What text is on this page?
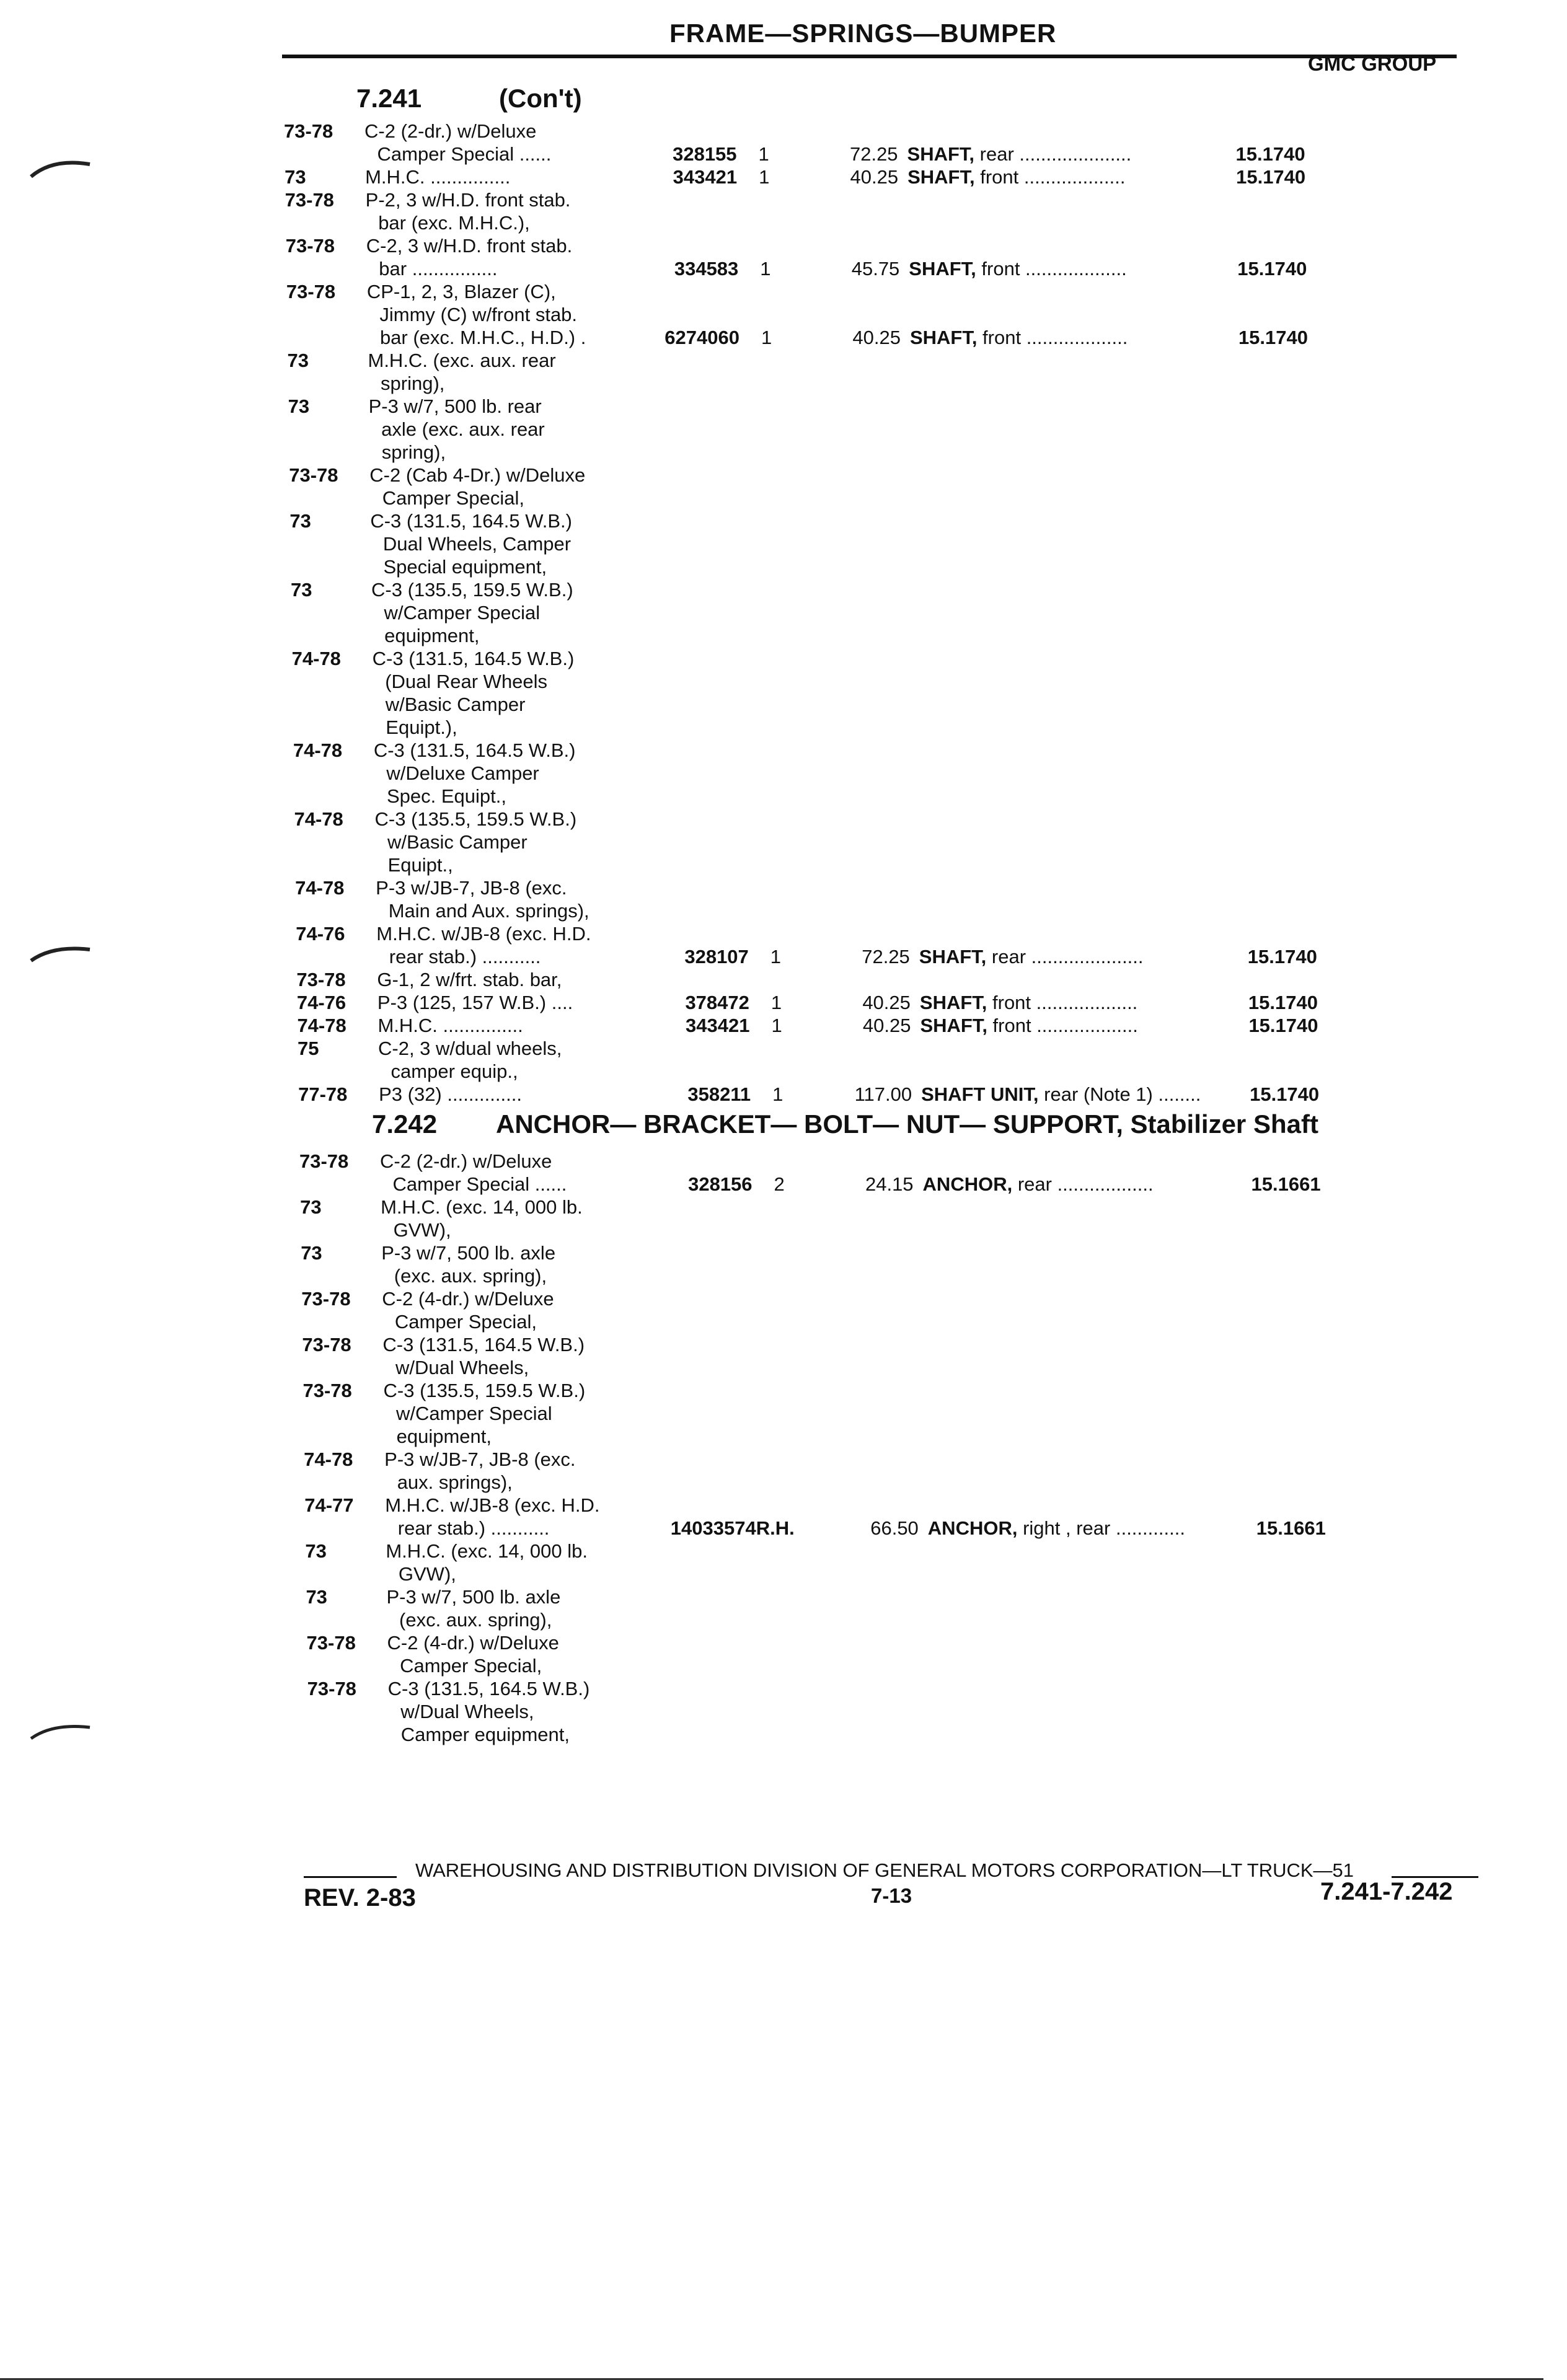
FRAME—SPRINGS—BUMPER
GMC GROUP
7.241	(Con't)
73-78 C-2 (2-dr.) w/Deluxe
Camper Special ......	328155 1	72.25 SHAFT, rear .....................	15.1740
73	M.H.C. ...............	343421 1	40.25 SHAFT, front ...................	15.1740
73-78 P-2, 3 w/H.D. front stab.
bar (exc. M.H.C.),
73-78 C-2, 3 w/H.D. front stab.
bar ................	334583 1	45.75 SHAFT, front ...................	15.1740
73-78 CP-1, 2, 3, Blazer (C),
Jimmy (C) w/front stab.
bar (exc. M.H.C., H.D.) .	6274060 1	40.25 SHAFT, front ...................	15.1740
73	M.H.C. (exc. aux. rear
spring),
73	P-3 w/7, 500 lb. rear
axle (exc. aux. rear
spring),
73-78 C-2 (Cab 4-Dr.) w/Deluxe
Camper Special,
73	C-3 (131.5, 164.5 W.B.)
Dual Wheels, Camper
Special equipment,
73	C-3 (135.5, 159.5 W.B.)
w/Camper Special
equipment,
74-78 C-3 (131.5, 164.5 W.B.)
(Dual Rear Wheels
w/Basic Camper
Equipt.),
74-78 C-3 (131.5, 164.5 W.B.)
w/Deluxe Camper
Spec. Equipt.,
74-78 C-3 (135.5, 159.5 W.B.)
w/Basic Camper
Equipt.,
74-78 P-3 w/JB-7, JB-8 (exc.
Main and Aux. springs),
74-76 M.H.C. w/JB-8 (exc. H.D.
rear stab.) ...........	328107 1	72.25 SHAFT, rear .....................	15.1740
73-78 G-1, 2 w/frt. stab. bar,
74-76 P-3 (125, 157 W.B.) ....	378472 1	40.25 SHAFT, front ...................	15.1740
74-78 M.H.C. ...............	343421 1	40.25 SHAFT, front ...................	15.1740
75	C-2, 3 w/dual wheels,
camper equip.,
77-78 P3 (32) ..............	358211 1	117.00 SHAFT UNIT, rear (Note 1) ........	15.1740
7.242 ANCHOR— BRACKET— BOLT— NUT— SUPPORT, Stabilizer Shaft
73-78 C-2 (2-dr.) w/Deluxe
Camper Special ......	328156 2	24.15 ANCHOR, rear ..................	15.1661
73	M.H.C. (exc. 14, 000 lb.
GVW),
73	P-3 w/7, 500 lb. axle
(exc. aux. spring),
73-78 C-2 (4-dr.) w/Deluxe
Camper Special,
73-78 C-3 (131.5, 164.5 W.B.)
w/Dual Wheels,
73-78 C-3 (135.5, 159.5 W.B.)
w/Camper Special
equipment,
74-78 P-3 w/JB-7, JB-8 (exc.
aux. springs),
74-77 M.H.C. w/JB-8 (exc. H.D.
rear stab.) ...........	14033574R.H.	66.50 ANCHOR, right , rear .............	15.1661
73	M.H.C. (exc. 14, 000 lb.
GVW),
73	P-3 w/7, 500 lb. axle
(exc. aux. spring),
73-78 C-2 (4-dr.) w/Deluxe
Camper Special,
73-78 C-3 (131.5, 164.5 W.B.)
w/Dual Wheels,
Camper equipment,
WAREHOUSING AND DISTRIBUTION DIVISION OF GENERAL MOTORS CORPORATION—LT TRUCK—51
REV. 2-83	7-13	7.241-7.242
